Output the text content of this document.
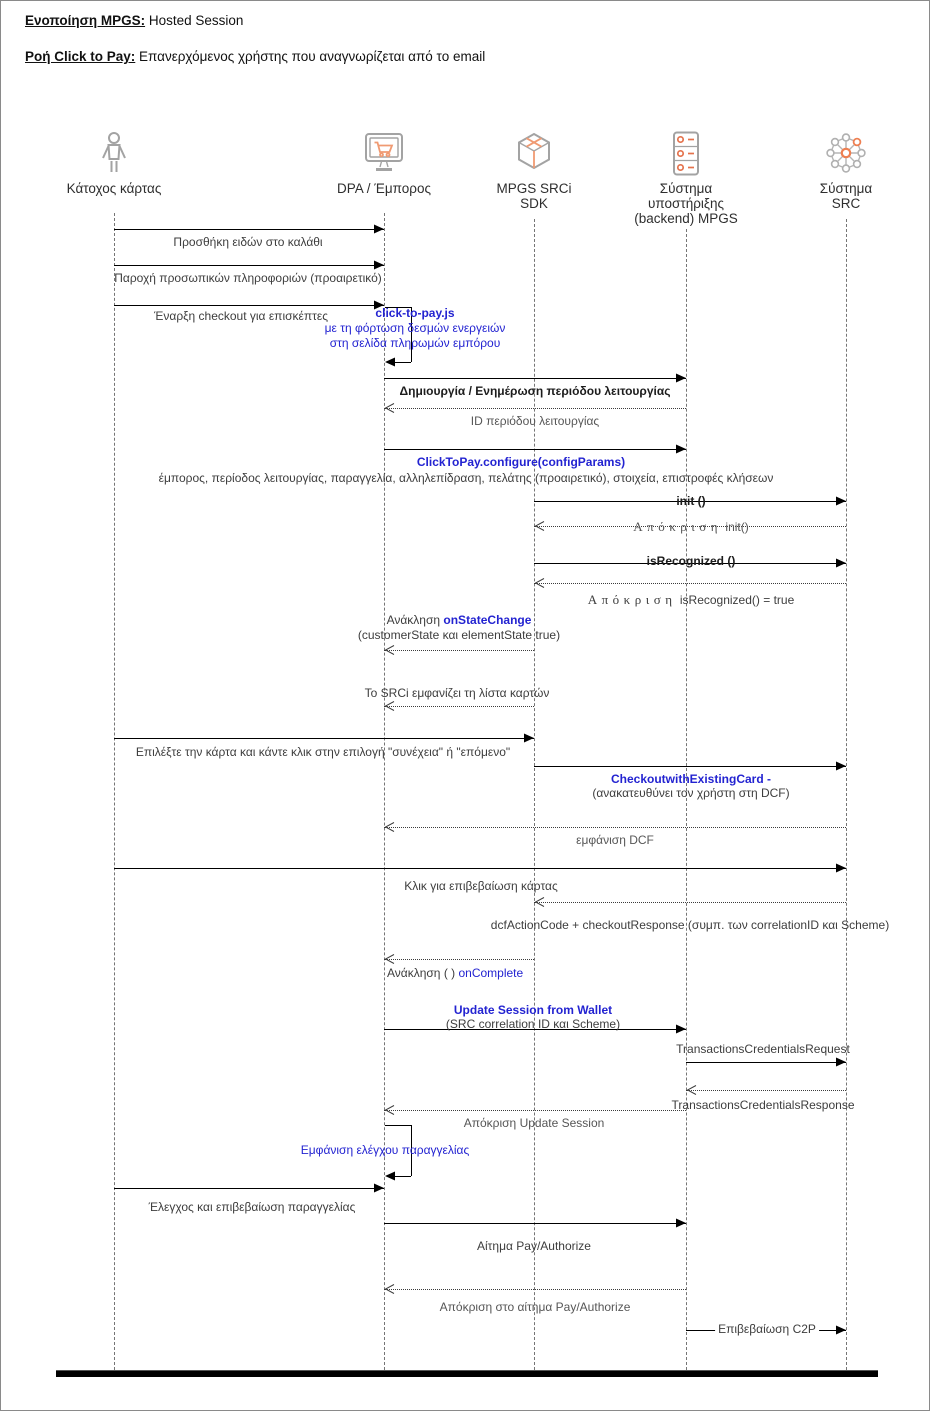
Ενοποίηση MPGS: Hosted Session
Ροή Click to Pay: Επανερχόμενος χρήστης που αναγνωρίζεται από το email
Κάτοχος κάρτας	DPA / Έμπορος	MPGS SRCi
SDK
Σύστημα
υποστήριξης
(backend) MPGS
Σύστημα
SRC
Προσθήκη ειδών στο καλάθι
Παροχή προσωπικών πληροφοριών (προαιρετικό)
Έναρξη checkout για επισκέπτες	click-to-pay.js
με τη φόρτωση δεσμών ενεργειών
στη σελίδα πληρωμών εμπόρου
Δημιουργία / Ενημέρωση περιόδου λειτουργίας
ID περιόδου λειτουργίας
ClickToPay.configure(configParams)
έμπορος, περίοδος λειτουργίας, παραγγελία, αλληλεπίδραση, πελάτης (προαιρετικό), στοιχεία, επιστροφές κλήσεων
init ()
Απόκριση init()
isRecognized ()
Απόκριση isRecognized() = true
Ανάκληση onStateChange
(customerState και elementState true)
Το SRCi εμφανίζει τη λίστα καρτών
Επιλέξτε την κάρτα και κάντε κλικ στην επιλογή "συνέχεια" ή "επόμενο"
CheckoutwithExistingCard -
(ανακατευθύνει τον χρήστη στη DCF)
εμφάνιση DCF
Κλικ για επιβεβαίωση κάρτας
dcfActionCode + checkoutResponse (συμπ. των correlationID και Scheme)
Ανάκληση ( ) onComplete
Update Session from Wallet
(SRC correlation ID και Scheme)
TransactionsCredentialsRequest
TransactionsCredentialsResponse
Απόκριση Update Session
Εμφάνιση ελέγχου παραγγελίας
Έλεγχος και επιβεβαίωση παραγγελίας
Αίτημα Pay/Authorize
Απόκριση στο αίτημα Pay/Authorize
Επιβεβαίωση C2P
